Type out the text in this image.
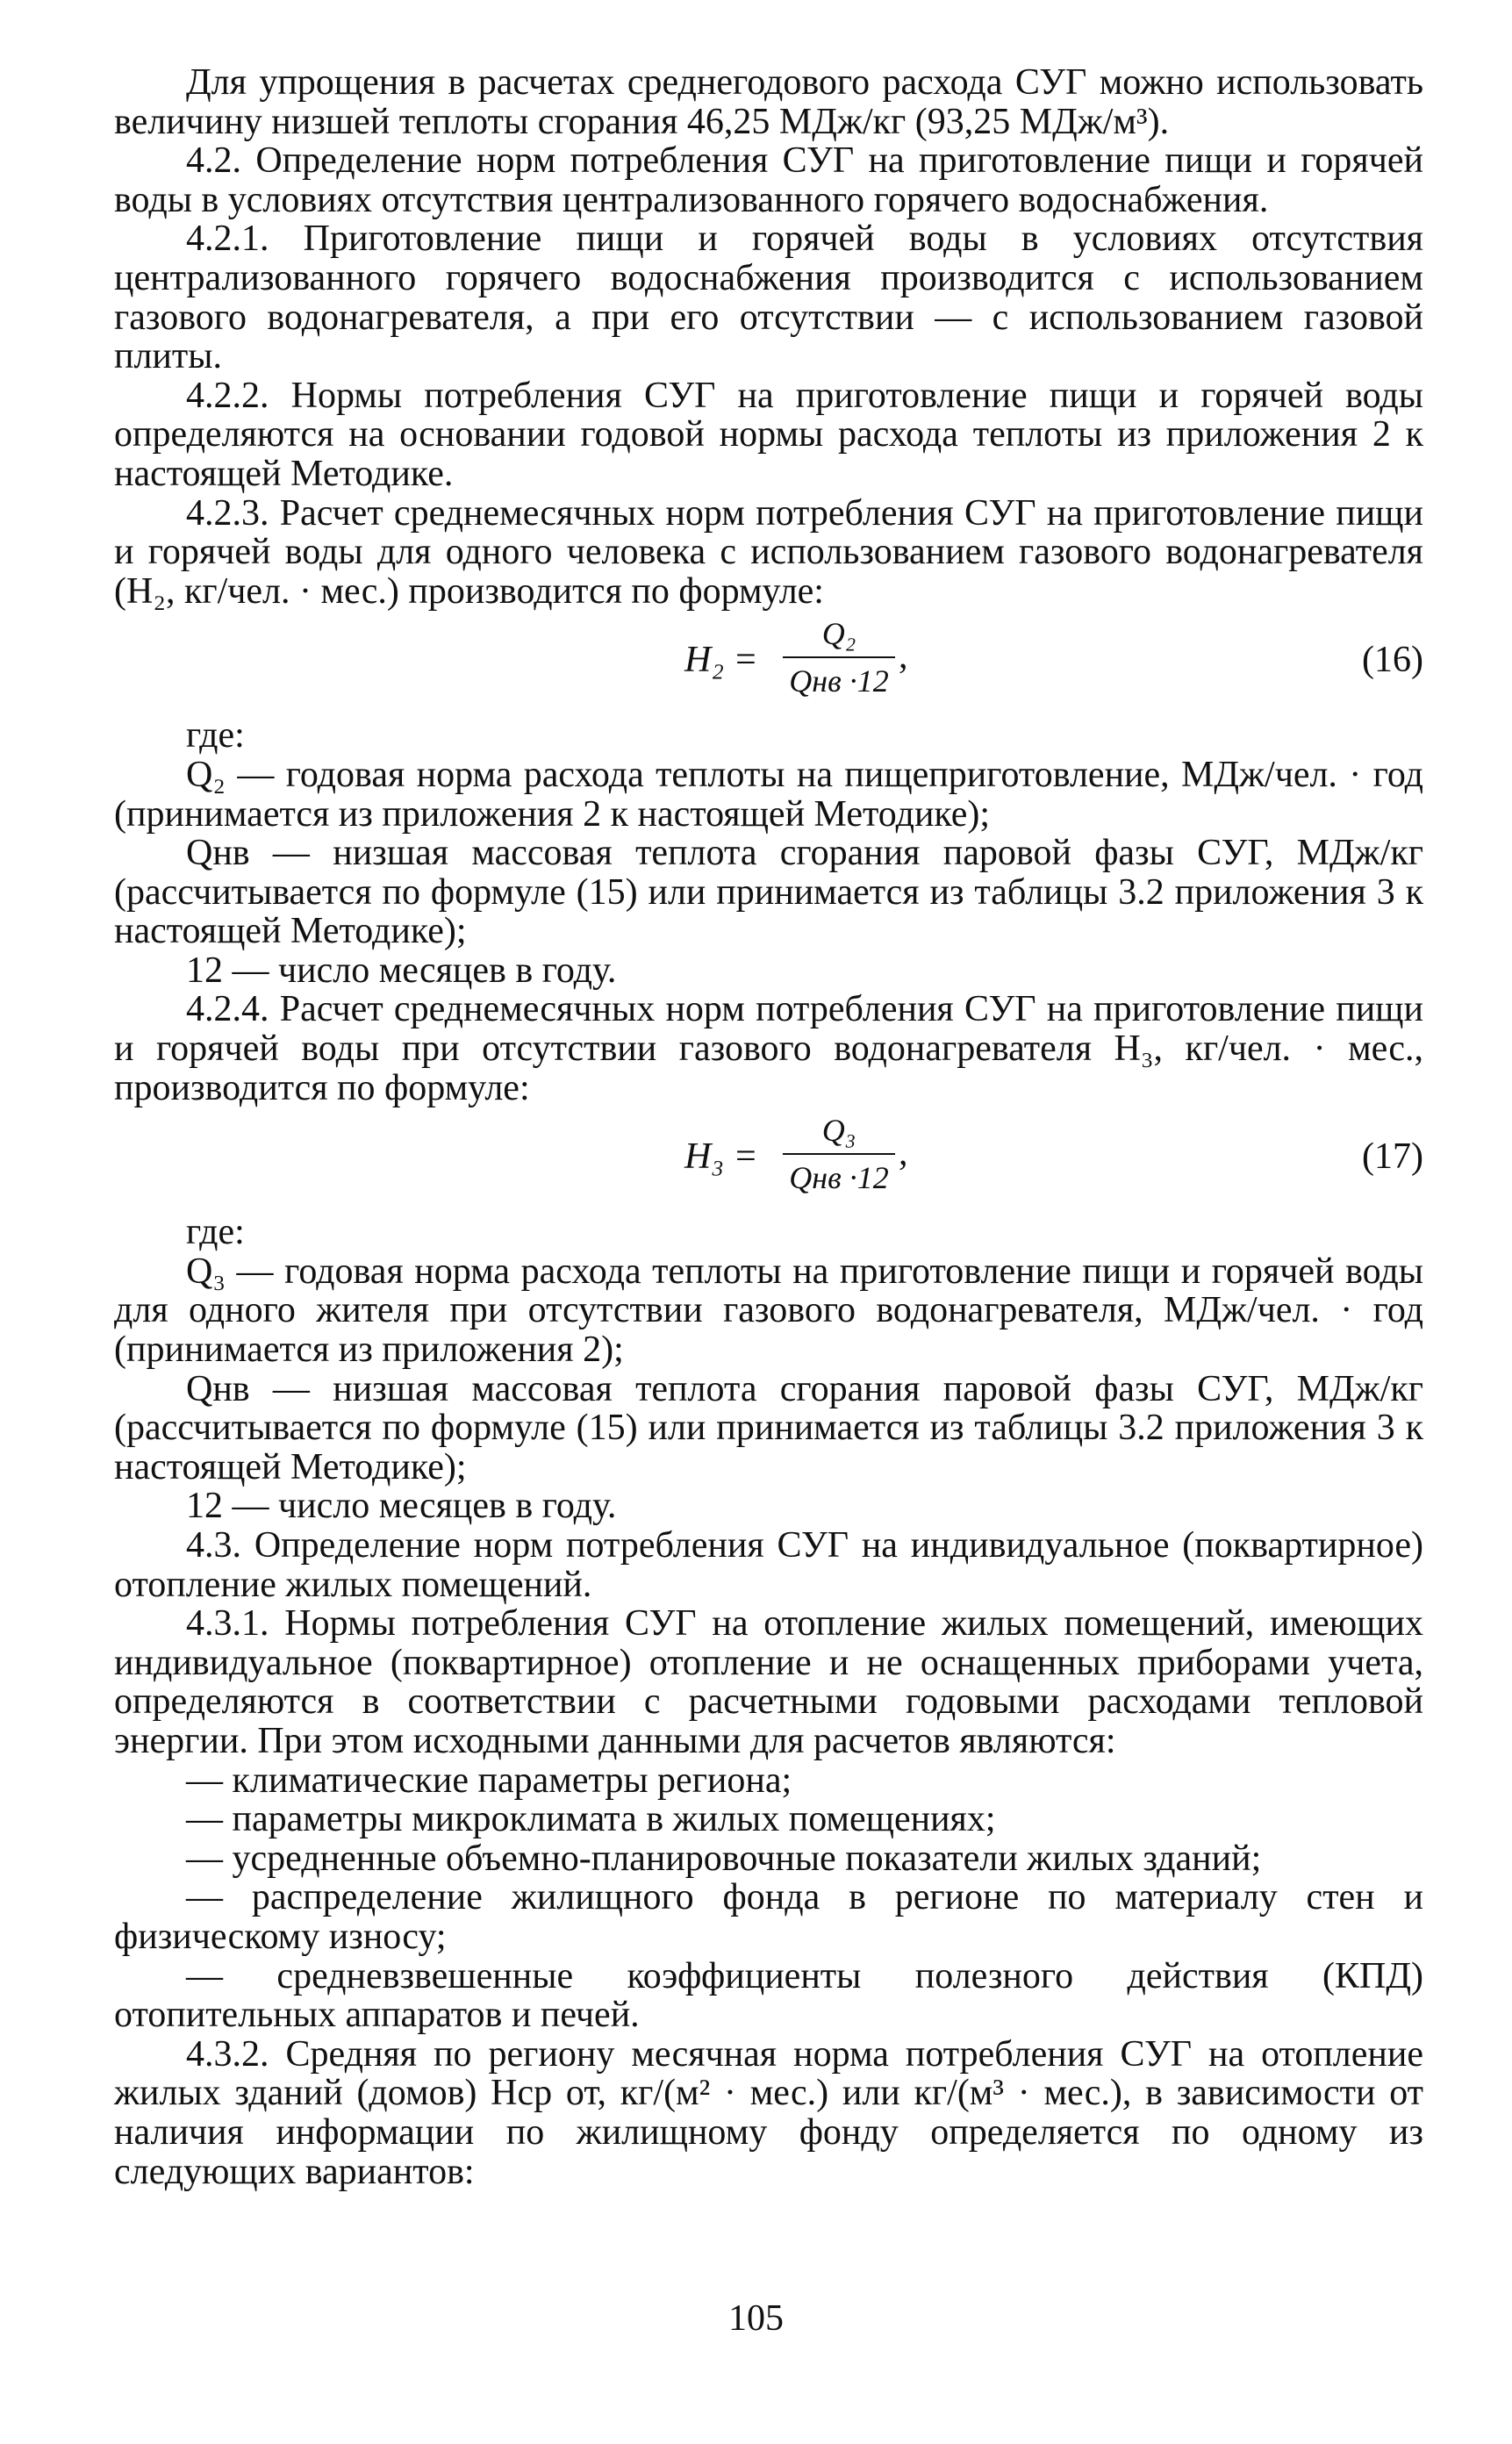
Для упрощения в расчетах среднегодового расхода СУГ можно использовать величину низшей теплоты сгорания 46,25 МДж/кг (93,25 МДж/м³).

4.2. Определение норм потребления СУГ на приготовление пищи и горячей воды в условиях отсутствия централизованного горячего водоснабжения.

4.2.1. Приготовление пищи и горячей воды в условиях отсутствия централизованного горячего водоснабжения производится с использованием газового водонагревателя, а при его отсутствии — с использованием газовой плиты.

4.2.2. Нормы потребления СУГ на приготовление пищи и горячей воды определяются на основании годовой нормы расхода теплоты из приложения 2 к настоящей Методике.

4.2.3. Расчет среднемесячных норм потребления СУГ на приготовление пищи и горячей воды для одного человека с использованием газового водонагревателя (Н₂, кг/чел. · мес.) производится по формуле:

H₂ =
Q₂
Qнв ·12
,	(16)

где:

Q₂ — годовая норма расхода теплоты на пищеприготовление, МДж/чел. · год (принимается из приложения 2 к настоящей Методике);

Qнв — низшая массовая теплота сгорания паровой фазы СУГ, МДж/кг (рассчитывается по формуле (15) или принимается из таблицы 3.2 приложения 3 к настоящей Методике);

12 — число месяцев в году.

4.2.4. Расчет среднемесячных норм потребления СУГ на приготовление пищи и горячей воды при отсутствии газового водонагревателя Н₃, кг/чел. · мес., производится по формуле:

H₃ =
Q₃
Qнв ·12
,	(17)

где:

Q₃ — годовая норма расхода теплоты на приготовление пищи и горячей воды для одного жителя при отсутствии газового водонагревателя, МДж/чел. · год (принимается из приложения 2);

Qнв — низшая массовая теплота сгорания паровой фазы СУГ, МДж/кг (рассчитывается по формуле (15) или принимается из таблицы 3.2 приложения 3 к настоящей Методике);

12 — число месяцев в году.

4.3. Определение норм потребления СУГ на индивидуальное (поквартирное) отопление жилых помещений.

4.3.1. Нормы потребления СУГ на отопление жилых помещений, имеющих индивидуальное (поквартирное) отопление и не оснащенных приборами учета, определяются в соответствии с расчетными годовыми расходами тепловой энергии. При этом исходными данными для расчетов являются:

— климатические параметры региона;

— параметры микроклимата в жилых помещениях;

— усредненные объемно-планировочные показатели жилых зданий;

— распределение жилищного фонда в регионе по материалу стен и физическому износу;

— средневзвешенные коэффициенты полезного действия (КПД) отопительных аппаратов и печей.

4.3.2. Средняя по региону месячная норма потребления СУГ на отопление жилых зданий (домов) Нср от, кг/(м² · мес.) или кг/(м³ · мес.), в зависимости от наличия информации по жилищному фонду определяется по одному из следующих вариантов:

105
